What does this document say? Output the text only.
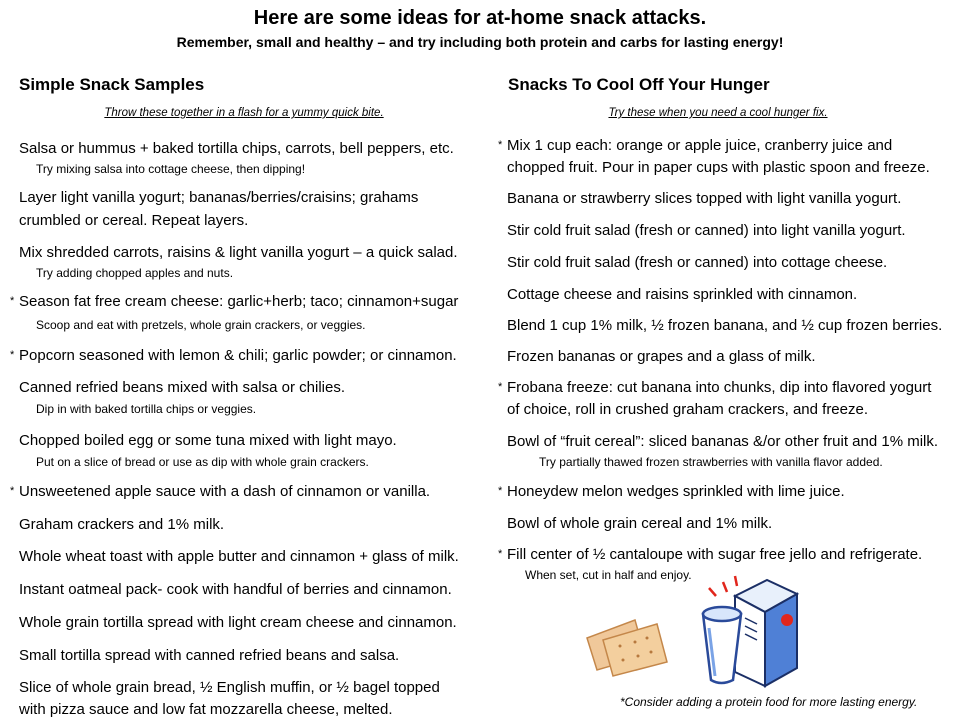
Here are some ideas for at-home snack attacks.
Remember, small and healthy – and try including both protein and carbs for lasting energy!
Simple Snack Samples
Throw these together in a flash for a yummy quick bite.
Salsa or hummus + baked tortilla chips, carrots, bell peppers, etc.
Try mixing salsa into cottage cheese, then dipping!
Layer light vanilla yogurt; bananas/berries/craisins; grahams
crumbled or cereal. Repeat layers.
Mix shredded carrots, raisins & light vanilla yogurt – a quick salad.
Try adding chopped apples and nuts.
* Season fat free cream cheese: garlic+herb; taco; cinnamon+sugar
Scoop and eat with pretzels, whole grain crackers, or veggies.
* Popcorn seasoned with lemon & chili; garlic powder; or cinnamon.
Canned refried beans mixed with salsa or chilies.
Dip in with baked tortilla chips or veggies.
Chopped boiled egg or some tuna mixed with light mayo.
Put on a slice of bread or use as dip with whole grain crackers.
* Unsweetened apple sauce with a dash of cinnamon or vanilla.
Graham crackers and 1% milk.
Whole wheat toast with apple butter and cinnamon + glass of milk.
Instant oatmeal pack- cook with handful of berries and cinnamon.
Whole grain tortilla spread with light cream cheese and cinnamon.
Small tortilla spread with canned refried beans and salsa.
Slice of whole grain bread, ½ English muffin, or ½ bagel topped
with pizza sauce and low fat mozzarella cheese, melted.
Snacks To Cool Off Your Hunger
Try these when you need a cool hunger fix.
* Mix 1 cup each: orange or apple juice, cranberry juice and
chopped fruit. Pour in paper cups with plastic spoon and freeze.
Banana or strawberry slices topped with light vanilla yogurt.
Stir cold fruit salad (fresh or canned) into light vanilla yogurt.
Stir cold fruit salad (fresh or canned) into cottage cheese.
Cottage cheese and raisins sprinkled with cinnamon.
Blend 1 cup 1% milk, ½ frozen banana, and ½ cup frozen berries.
Frozen bananas or grapes and a glass of milk.
* Frobana freeze: cut banana into chunks, dip into flavored yogurt
of choice, roll in crushed graham crackers, and freeze.
Bowl of “fruit cereal”: sliced bananas &/or other fruit and 1% milk.
Try partially thawed frozen strawberries with vanilla flavor added.
* Honeydew melon wedges sprinkled with lime juice.
Bowl of whole grain cereal and 1% milk.
* Fill center of ½ cantaloupe with sugar free jello and refrigerate.
When set, cut in half and enjoy.
*Consider adding a protein food for more lasting energy.
